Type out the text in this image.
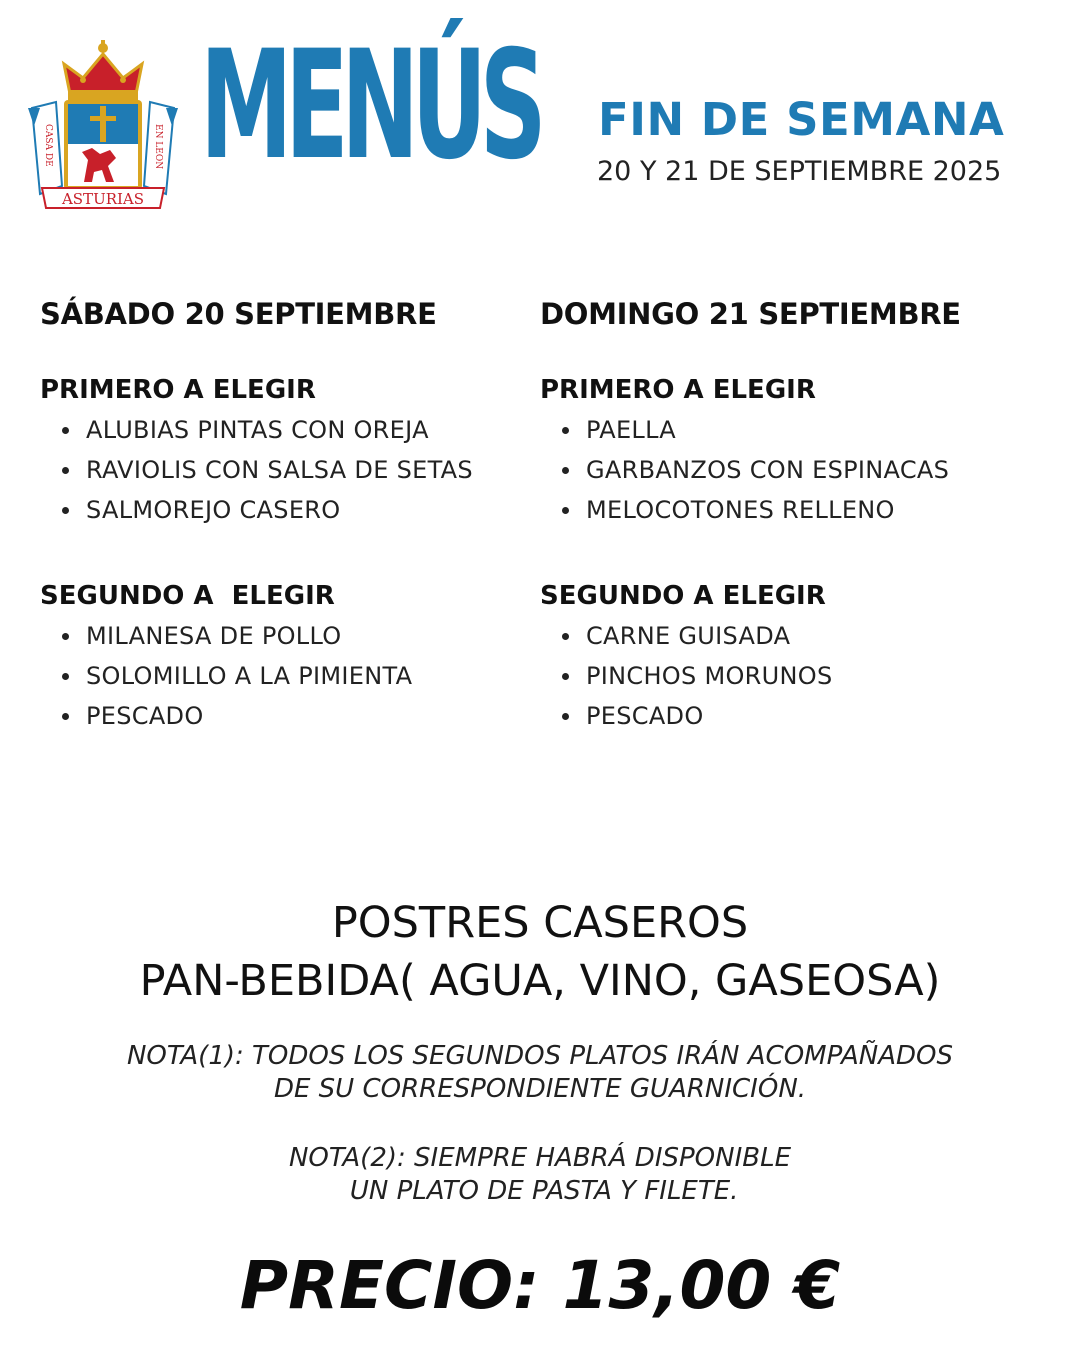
CASA DE	EN LEON
ASTURIAS
MENÚS FIN DE SEMANA
20 Y 21 DE SEPTIEMBRE 2025
SÁBADO 20 SEPTIEMBRE
PRIMERO A ELEGIR
ALUBIAS PINTAS CON OREJA
RAVIOLIS CON SALSA DE SETAS
SALMOREJO CASERO
SEGUNDO A  ELEGIR
MILANESA DE POLLO
SOLOMILLO A LA PIMIENTA
PESCADO
DOMINGO 21 SEPTIEMBRE
PRIMERO A ELEGIR
PAELLA
GARBANZOS CON ESPINACAS
MELOCOTONES RELLENO
SEGUNDO A ELEGIR
CARNE GUISADA
PINCHOS MORUNOS
PESCADO
POSTRES CASEROS
PAN-BEBIDA( AGUA, VINO, GASEOSA)
NOTA(1): TODOS LOS SEGUNDOS PLATOS IRÁN ACOMPAÑADOS
DE SU CORRESPONDIENTE GUARNICIÓN.
NOTA(2): SIEMPRE HABRÁ DISPONIBLE
UN PLATO DE PASTA Y FILETE.
PRECIO: 13,00 €
